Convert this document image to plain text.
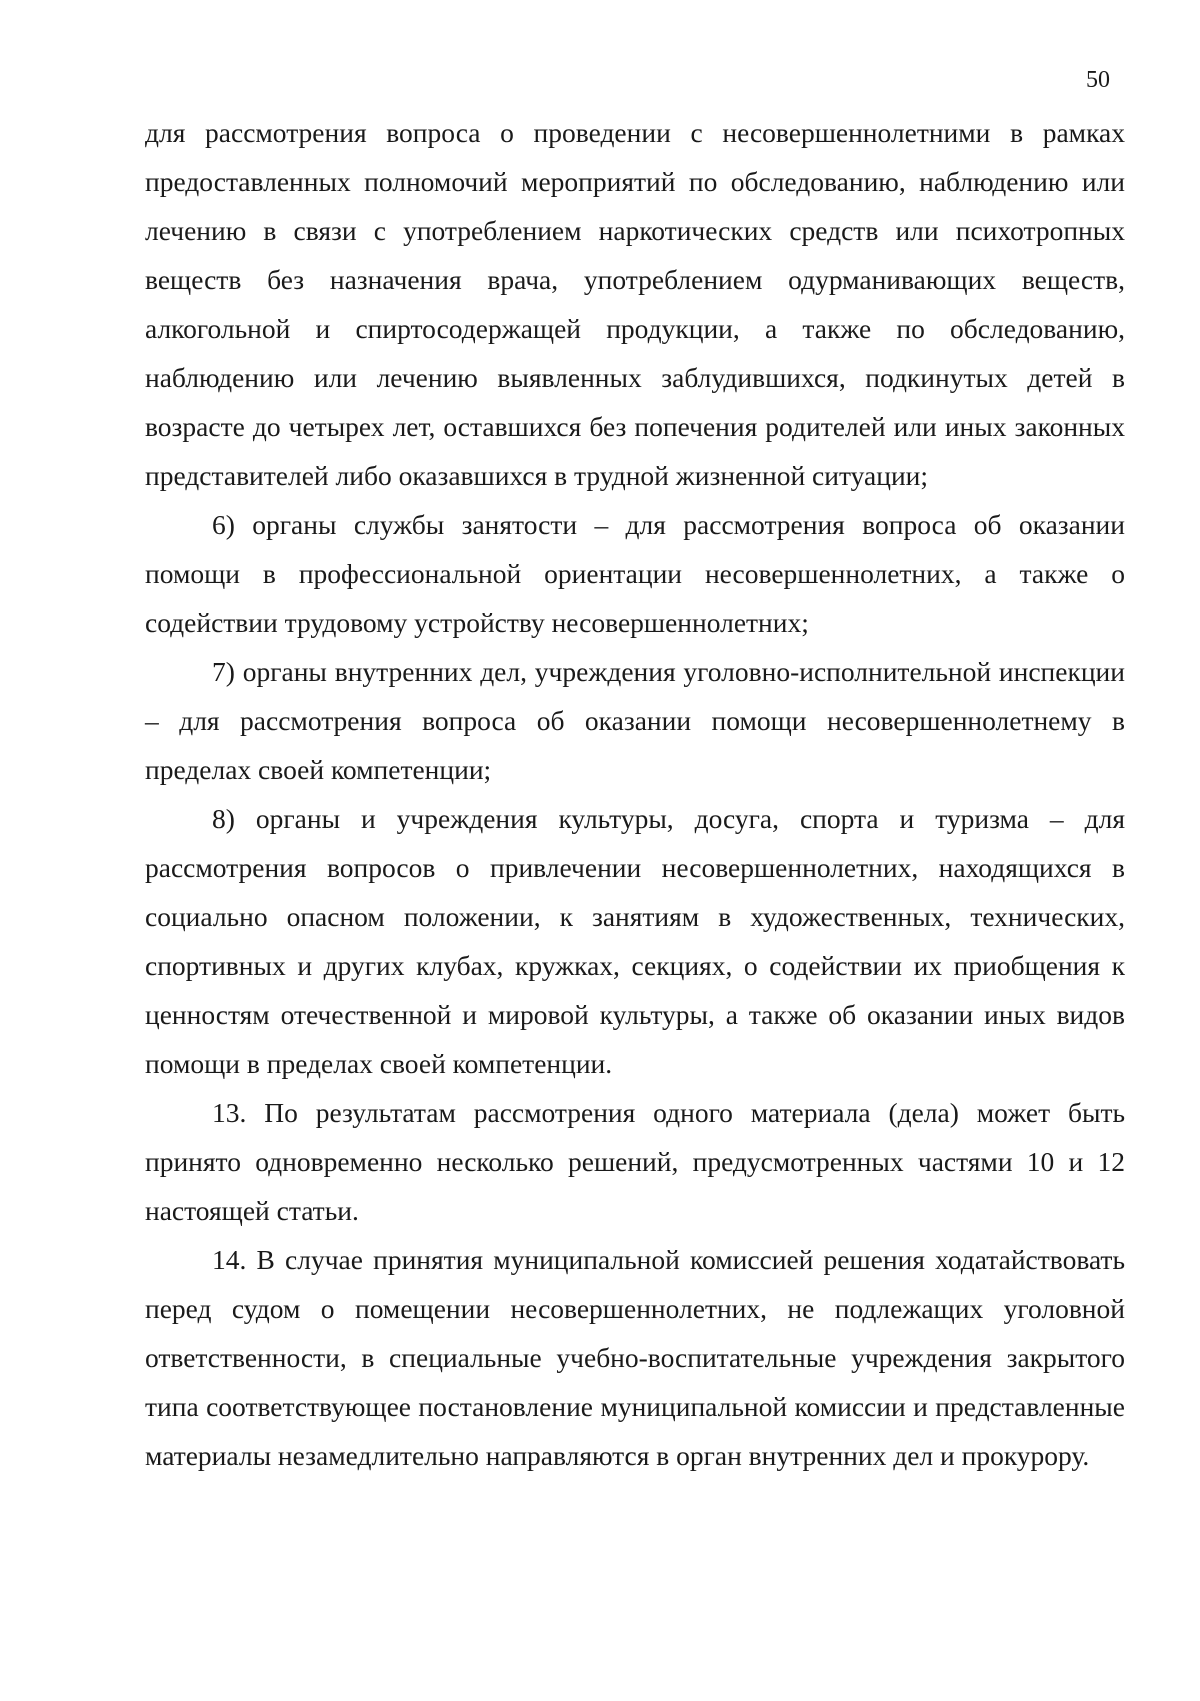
50

для рассмотрения вопроса о проведении с несовершеннолетними в рамках предоставленных полномочий мероприятий по обследованию, наблюдению или лечению в связи с употреблением наркотических средств или психотропных веществ без назначения врача, употреблением одурманивающих веществ, алкогольной и спиртосодержащей продукции, а также по обследованию, наблюдению или лечению выявленных заблудившихся, подкинутых детей в возрасте до четырех лет, оставшихся без попечения родителей или иных законных представителей либо оказавшихся в трудной жизненной ситуации;

6) органы службы занятости – для рассмотрения вопроса об оказании помощи в профессиональной ориентации несовершеннолетних, а также о содействии трудовому устройству несовершеннолетних;

7) органы внутренних дел, учреждения уголовно-исполнительной инспекции – для рассмотрения вопроса об оказании помощи несовершеннолетнему в пределах своей компетенции;

8) органы и учреждения культуры, досуга, спорта и туризма – для рассмотрения вопросов о привлечении несовершеннолетних, находящихся в социально опасном положении, к занятиям в художественных, технических, спортивных и других клубах, кружках, секциях, о содействии их приобщения к ценностям отечественной и мировой культуры, а также об оказании иных видов помощи в пределах своей компетенции.

13. По результатам рассмотрения одного материала (дела) может быть принято одновременно несколько решений, предусмотренных частями 10 и 12 настоящей статьи.

14. В случае принятия муниципальной комиссией решения ходатайствовать перед судом о помещении несовершеннолетних, не подлежащих уголовной ответственности, в специальные учебно-воспитательные учреждения закрытого типа соответствующее постановление муниципальной комиссии и представленные материалы незамедлительно направляются в орган внутренних дел и прокурору.
